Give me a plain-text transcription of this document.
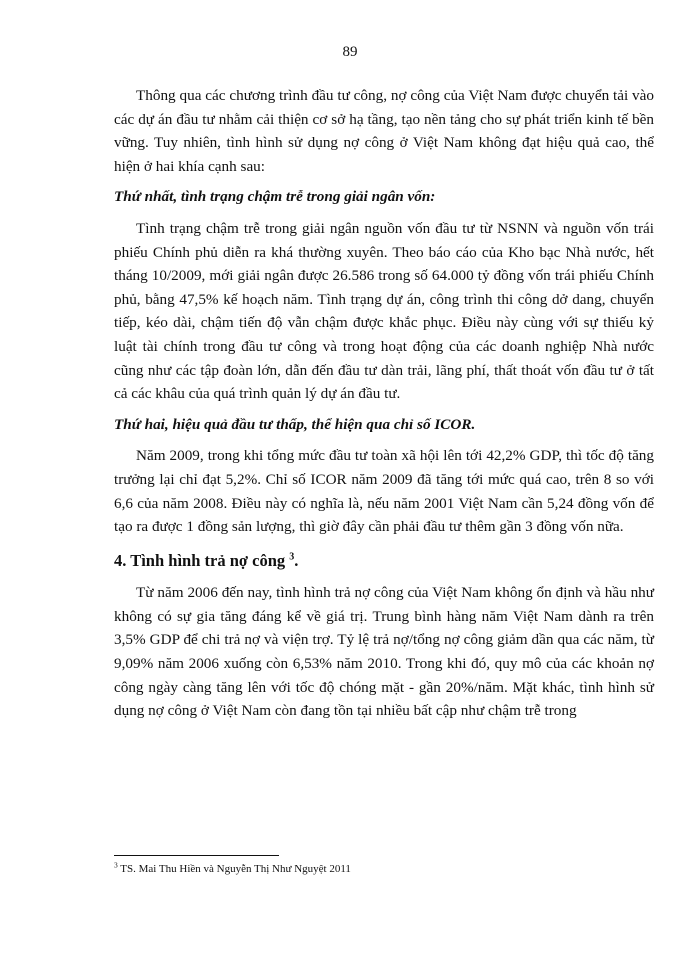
89

Thông qua các chương trình đầu tư công, nợ công của Việt Nam được chuyển tải vào các dự án đầu tư nhằm cải thiện cơ sở hạ tầng, tạo nền tảng cho sự phát triển kinh tế bền vững. Tuy nhiên, tình hình sử dụng nợ công ở Việt Nam không đạt hiệu quả cao, thể hiện ở hai khía cạnh sau:

Thứ nhất, tình trạng chậm trễ trong giải ngân vốn:

Tình trạng chậm trễ trong giải ngân nguồn vốn đầu tư từ NSNN và nguồn vốn trái phiếu Chính phủ diễn ra khá thường xuyên. Theo báo cáo của Kho bạc Nhà nước, hết tháng 10/2009, mới giải ngân được 26.586 trong số 64.000 tỷ đồng vốn trái phiếu Chính phủ, bằng 47,5% kế hoạch năm. Tình trạng dự án, công trình thi công dở dang, chuyển tiếp, kéo dài, chậm tiến độ vẫn chậm được khắc phục. Điều này cùng với sự thiếu kỷ luật tài chính trong đầu tư công và trong hoạt động của các doanh nghiệp Nhà nước cũng như các tập đoàn lớn, dẫn đến đầu tư dàn trải, lãng phí, thất thoát vốn đầu tư ở tất cả các khâu của quá trình quản lý dự án đầu tư.

Thứ hai, hiệu quả đầu tư thấp, thể hiện qua chỉ số ICOR.

Năm 2009, trong khi tổng mức đầu tư toàn xã hội lên tới 42,2% GDP, thì tốc độ tăng trưởng lại chỉ đạt 5,2%. Chỉ số ICOR năm 2009 đã tăng tới mức quá cao, trên 8 so với 6,6 của năm 2008. Điều này có nghĩa là, nếu năm 2001 Việt Nam cần 5,24 đồng vốn để tạo ra được 1 đồng sản lượng, thì giờ đây cần phải đầu tư thêm gần 3 đồng vốn nữa.

4. Tình hình trả nợ công $^3$.

Từ năm 2006 đến nay, tình hình trả nợ công của Việt Nam không ổn định và hầu như không có sự gia tăng đáng kể về giá trị. Trung bình hàng năm Việt Nam dành ra trên 3,5% GDP để chi trả nợ và viện trợ. Tỷ lệ trả nợ/tổng nợ công giảm dần qua các năm, từ 9,09% năm 2006 xuống còn 6,53% năm 2010. Trong khi đó, quy mô của các khoản nợ công ngày càng tăng lên với tốc độ chóng mặt - gần 20%/năm. Mặt khác, tình hình sử dụng nợ công ở Việt Nam còn đang tồn tại nhiều bất cập như chậm trễ trong

$^3$ TS. Mai Thu Hiền và Nguyễn Thị Như Nguyệt 2011
